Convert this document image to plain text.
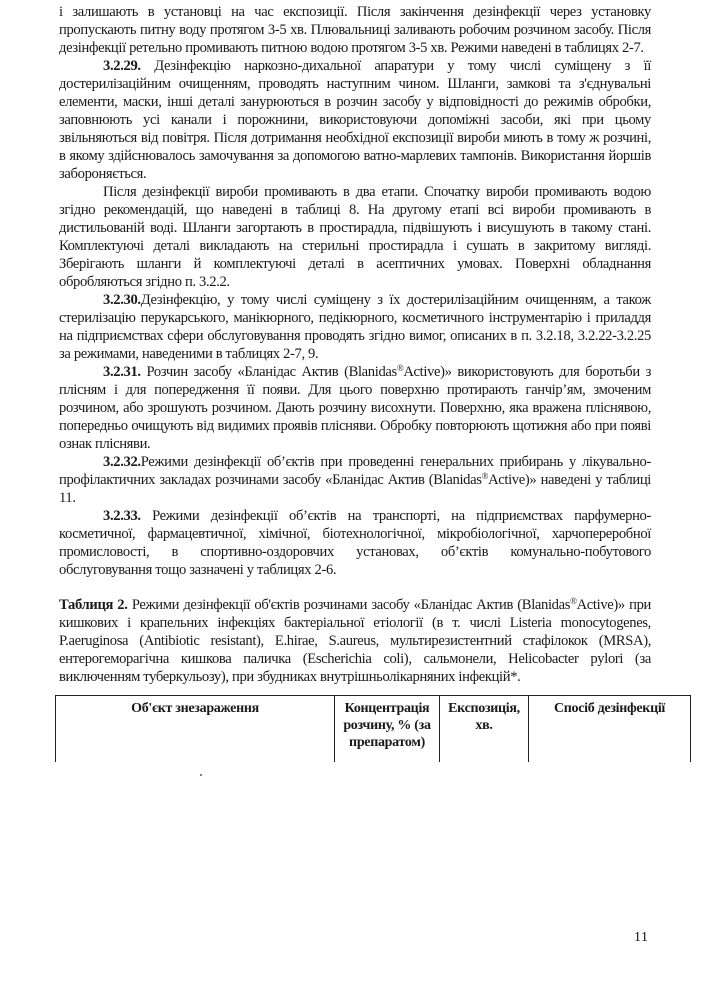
і залишають в установці на час експозиції. Після закінчення дезінфекції через установку пропускають питну воду протягом 3-5 хв. Плювальниці заливають робочим розчином засобу. Після дезінфекції ретельно промивають питною водою протягом 3-5 хв. Режими наведені в таблицях 2-7.

3.2.29. Дезінфекцію наркозно-дихальної апаратури у тому числі суміщену з її достерилізаційним очищенням, проводять наступним чином. Шланги, замкові та з'єднувальні елементи, маски, інші деталі занурюються в розчин засобу у відповідності до режимів обробки, заповнюють усі канали і порожнини, використовуючи допоміжні засоби, які при цьому звільняються від повітря. Після дотримання необхідної експозиції вироби миють в тому ж розчині, в якому здійснювалось замочування за допомогою ватно-марлевих тампонів. Використання йоршів забороняється.

Після дезінфекції вироби промивають в два етапи. Спочатку вироби промивають водою згідно рекомендацій, що наведені в таблиці 8. На другому етапі всі вироби промивають в дистильованій воді. Шланги загортають в простирадла, підвішують і висушують в такому стані. Комплектуючі деталі викладають на стерильні простирадла і сушать в закритому вигляді. Зберігають шланги й комплектуючі деталі в асептичних умовах. Поверхні обладнання обробляються згідно п. 3.2.2.

3.2.30.Дезінфекцію, у тому числі суміщену з їх достерилізаційним очищенням, а також стерилізацію перукарського, манікюрного, педікюрного, косметичного інструментарію і приладдя на підприємствах сфери обслуговування проводять згідно вимог, описаних в п. 3.2.18, 3.2.22-3.2.25 за режимами, наведеними в таблицях 2-7, 9.

3.2.31. Розчин засобу «Бланідас Актив (Blanidas®Active)» використовують для боротьби з плісням і для попередження її появи. Для цього поверхню протирають ганчір’ям, змоченим розчином, або зрошують розчином. Дають розчину висохнути. Поверхню, яка вражена пліснявою, попередньо очищують від видимих проявів плісняви. Обробку повторюють щотижня або при появі ознак плісняви.

3.2.32.Режими дезінфекції об’єктів при проведенні генеральних прибирань у лікувально-профілактичних закладах розчинами засобу «Бланідас Актив (Blanidas®Active)» наведені у таблиці 11.

3.2.33. Режими дезінфекції об’єктів на транспорті, на підприємствах парфумерно-косметичної, фармацевтичної, хімічної, біотехнологічної, мікробіологічної, харчопереробної промисловості, в спортивно-оздоровчих установах, об’єктів комунально-побутового обслуговування тощо зазначені у таблицях 2-6.

Таблиця 2. Режими дезінфекції об'єктів розчинами засобу «Бланідас Актив (Blanidas®Active)» при кишкових і крапельних інфекціях бактеріальної етіології (в т. числі Listeria monocytogenes, P.aeruginosa (Antibiotic resistant), E.hirae, S.aureus, мультирезистентний стафілокок (MRSA), ентерогеморагічна кишкова паличка (Escherichia coli), сальмонели, Helicobacter pylori (за виключенням туберкульозу), при збудниках внутрішньолікарняних інфекцій*.
Об'єкт знезараження	Концентрація розчину, % (за препаратом)
Експозиція, хв.
Спосіб дезінфекції
11
